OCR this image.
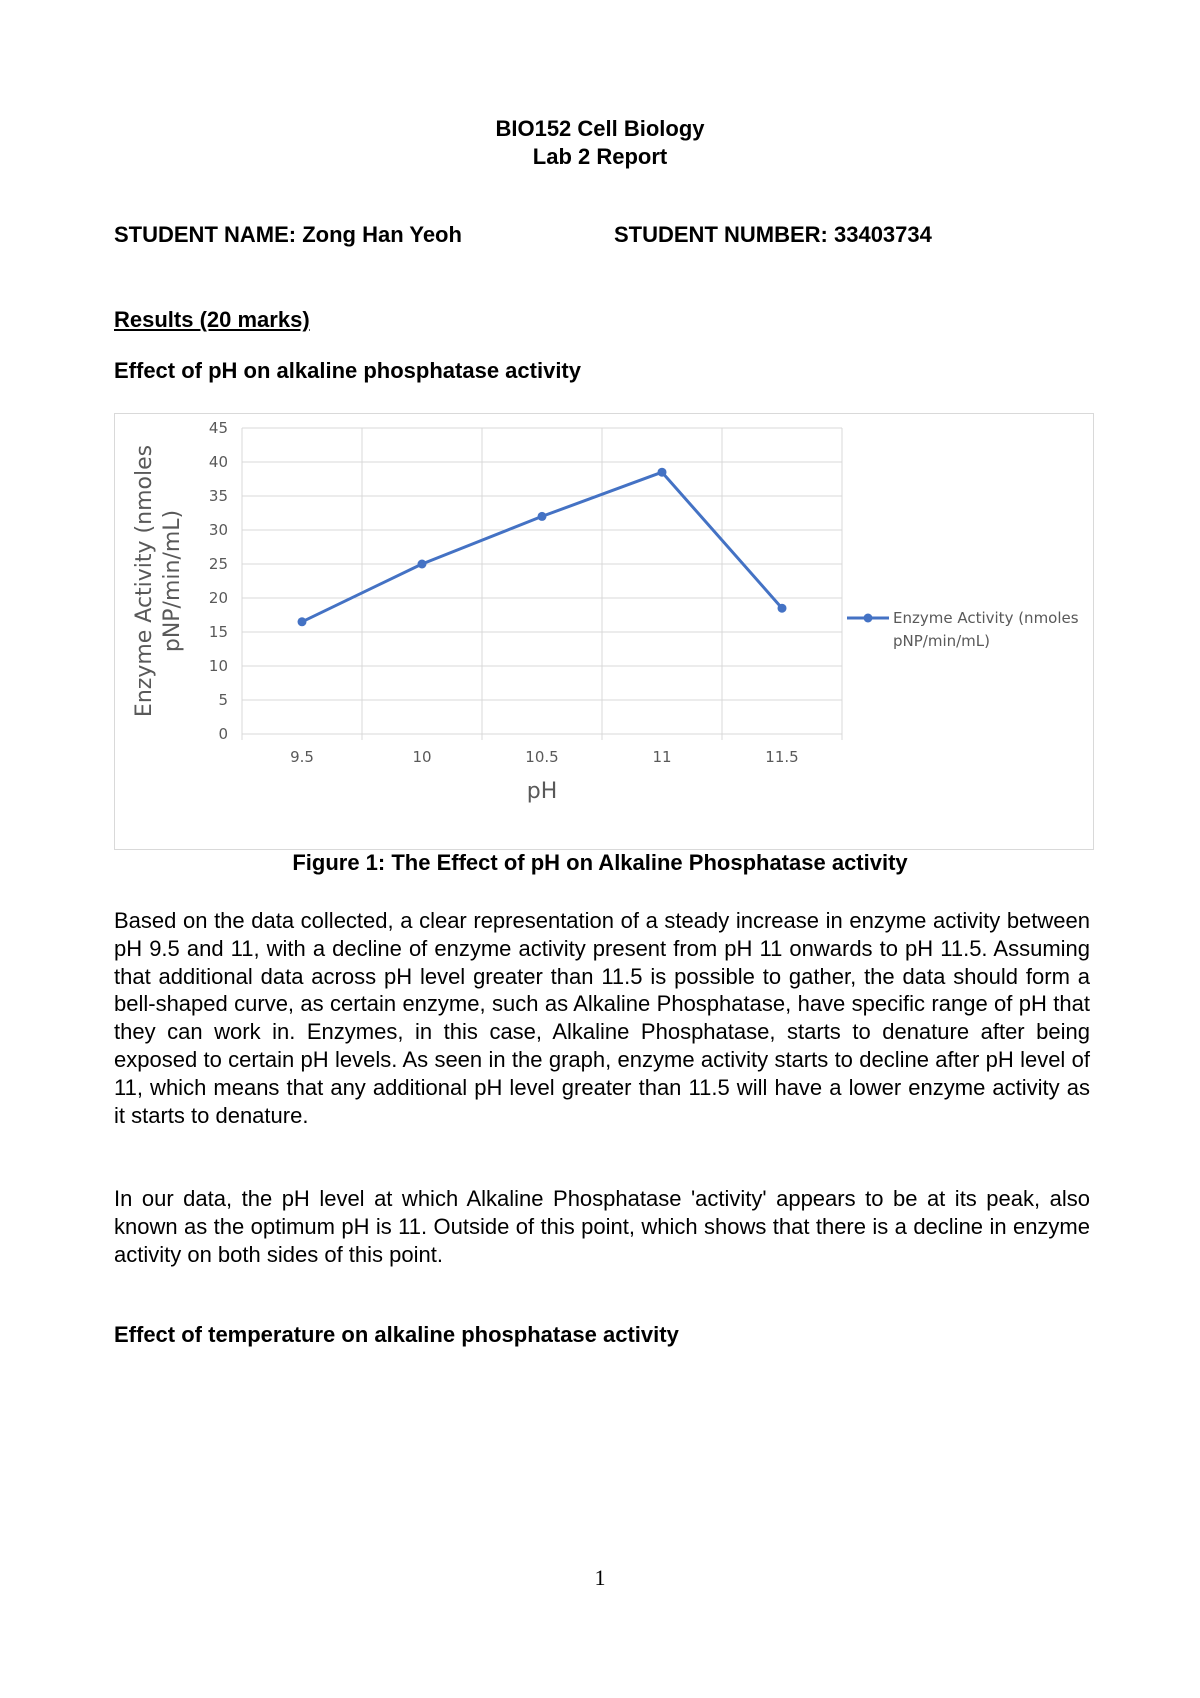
BIO152 Cell Biology
Lab 2 Report
STUDENT NAME: Zong Han Yeoh	STUDENT NUMBER: 33403734
Results (20 marks)
Effect of pH on alkaline phosphatase activity
0
5
10
15
20
25
30
35
40
45
9.5	10	10.5	11	11.5
Enzyme Activity (nmoles
pNP/min/mL)
pH
Enzyme Activity (nmoles pNP/min/mL)
Figure 1: The Effect of pH on Alkaline Phosphatase activity
Based on the data collected, a clear representation of a steady increase in enzyme activity between pH 9.5 and 11, with a decline of enzyme activity present from pH 11 onwards to pH 11.5. Assuming that additional data across pH level greater than 11.5 is possible to gather, the data should form a bell-shaped curve, as certain enzyme, such as Alkaline Phosphatase, have specific range of pH that they can work in. Enzymes, in this case, Alkaline Phosphatase, starts to denature after being exposed to certain pH levels. As seen in the graph, enzyme activity starts to decline after pH level of 11, which means that any additional pH level greater than 11.5 will have a lower enzyme activity as it starts to denature.
In our data, the pH level at which Alkaline Phosphatase 'activity' appears to be at its peak, also known as the optimum pH is 11. Outside of this point, which shows that there is a decline in enzyme activity on both sides of this point.
Effect of temperature on alkaline phosphatase activity
1
